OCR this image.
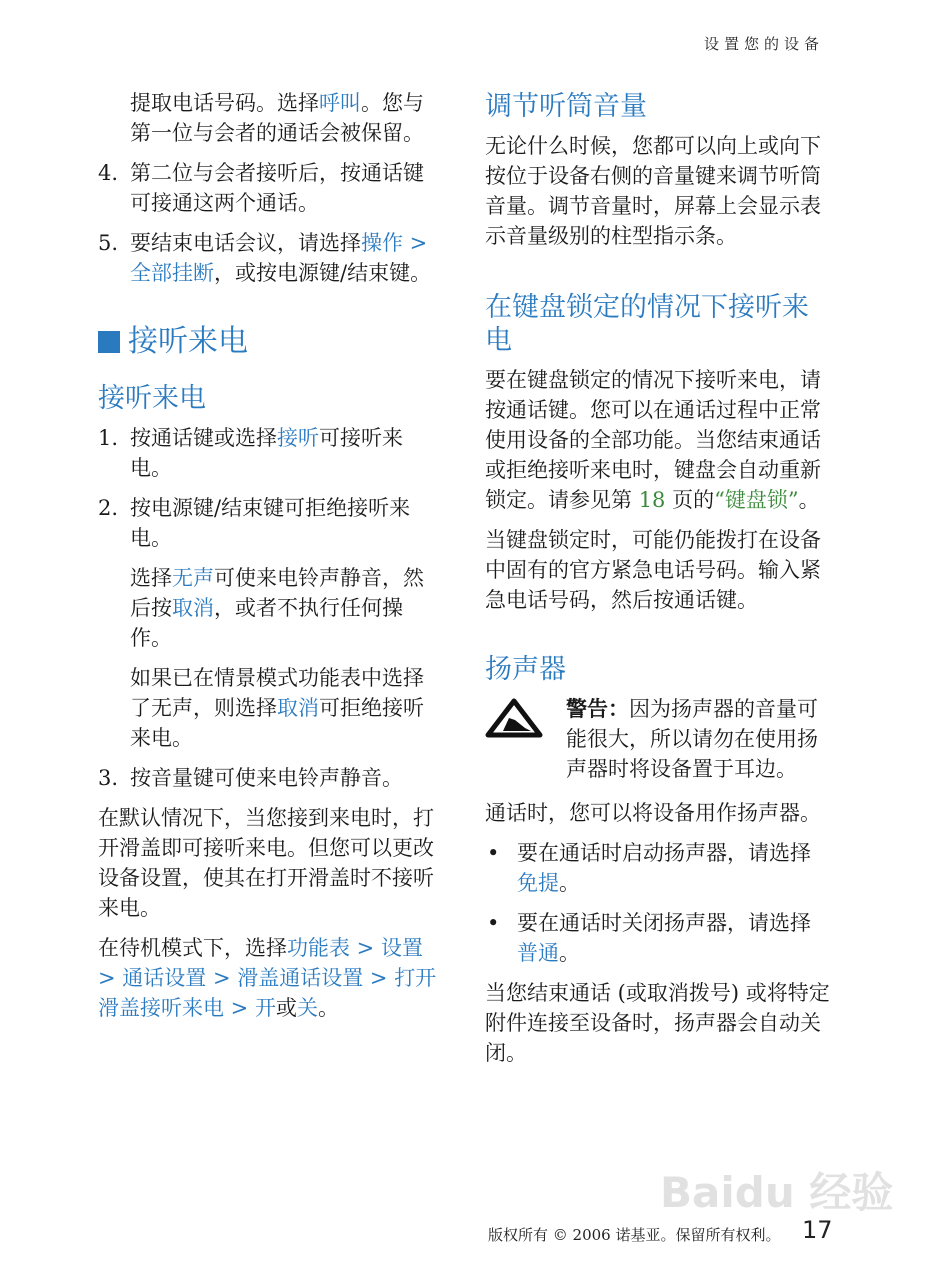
设置您的设备

提取电话号码。选择呼叫。您与第一位与会者的通话会被保留。

4. 第二位与会者接听后，按通话键可接通这两个通话。

5. 要结束电话会议，请选择操作 > 全部挂断，或按电源键/结束键。

接听来电
接听来电
1. 按通话键或选择接听可接听来电。

2. 按电源键/结束键可拒绝接听来电。

选择无声可使来电铃声静音，然后按取消，或者不执行任何操作。

如果已在情景模式功能表中选择了无声，则选择取消可拒绝接听来电。

3. 按音量键可使来电铃声静音。

在默认情况下，当您接到来电时，打开滑盖即可接听来电。但您可以更改设备设置，使其在打开滑盖时不接听来电。

在待机模式下，选择功能表 > 设置 > 通话设置 > 滑盖通话设置 > 打开滑盖接听来电 > 开或关。

调节听筒音量

无论什么时候，您都可以向上或向下按位于设备右侧的音量键来调节听筒音量。调节音量时，屏幕上会显示表示音量级别的柱型指示条。

在键盘锁定的情况下接听来电

要在键盘锁定的情况下接听来电，请按通话键。您可以在通话过程中正常使用设备的全部功能。当您结束通话或拒绝接听来电时，键盘会自动重新锁定。请参见第 18 页的“键盘锁”。

当键盘锁定时，可能仍能拨打在设备中固有的官方紧急电话号码。输入紧急电话号码，然后按通话键。

扬声器

警告：因为扬声器的音量可能很大，所以请勿在使用扬声器时将设备置于耳边。

通话时，您可以将设备用作扬声器。

• 要在通话时启动扬声器，请选择免提。

• 要在通话时关闭扬声器，请选择普通。

当您结束通话 (或取消拨号) 或将特定附件连接至设备时，扬声器会自动关闭。

Baidu 经验
版权所有 © 2006 诺基亚。保留所有权利。 17
